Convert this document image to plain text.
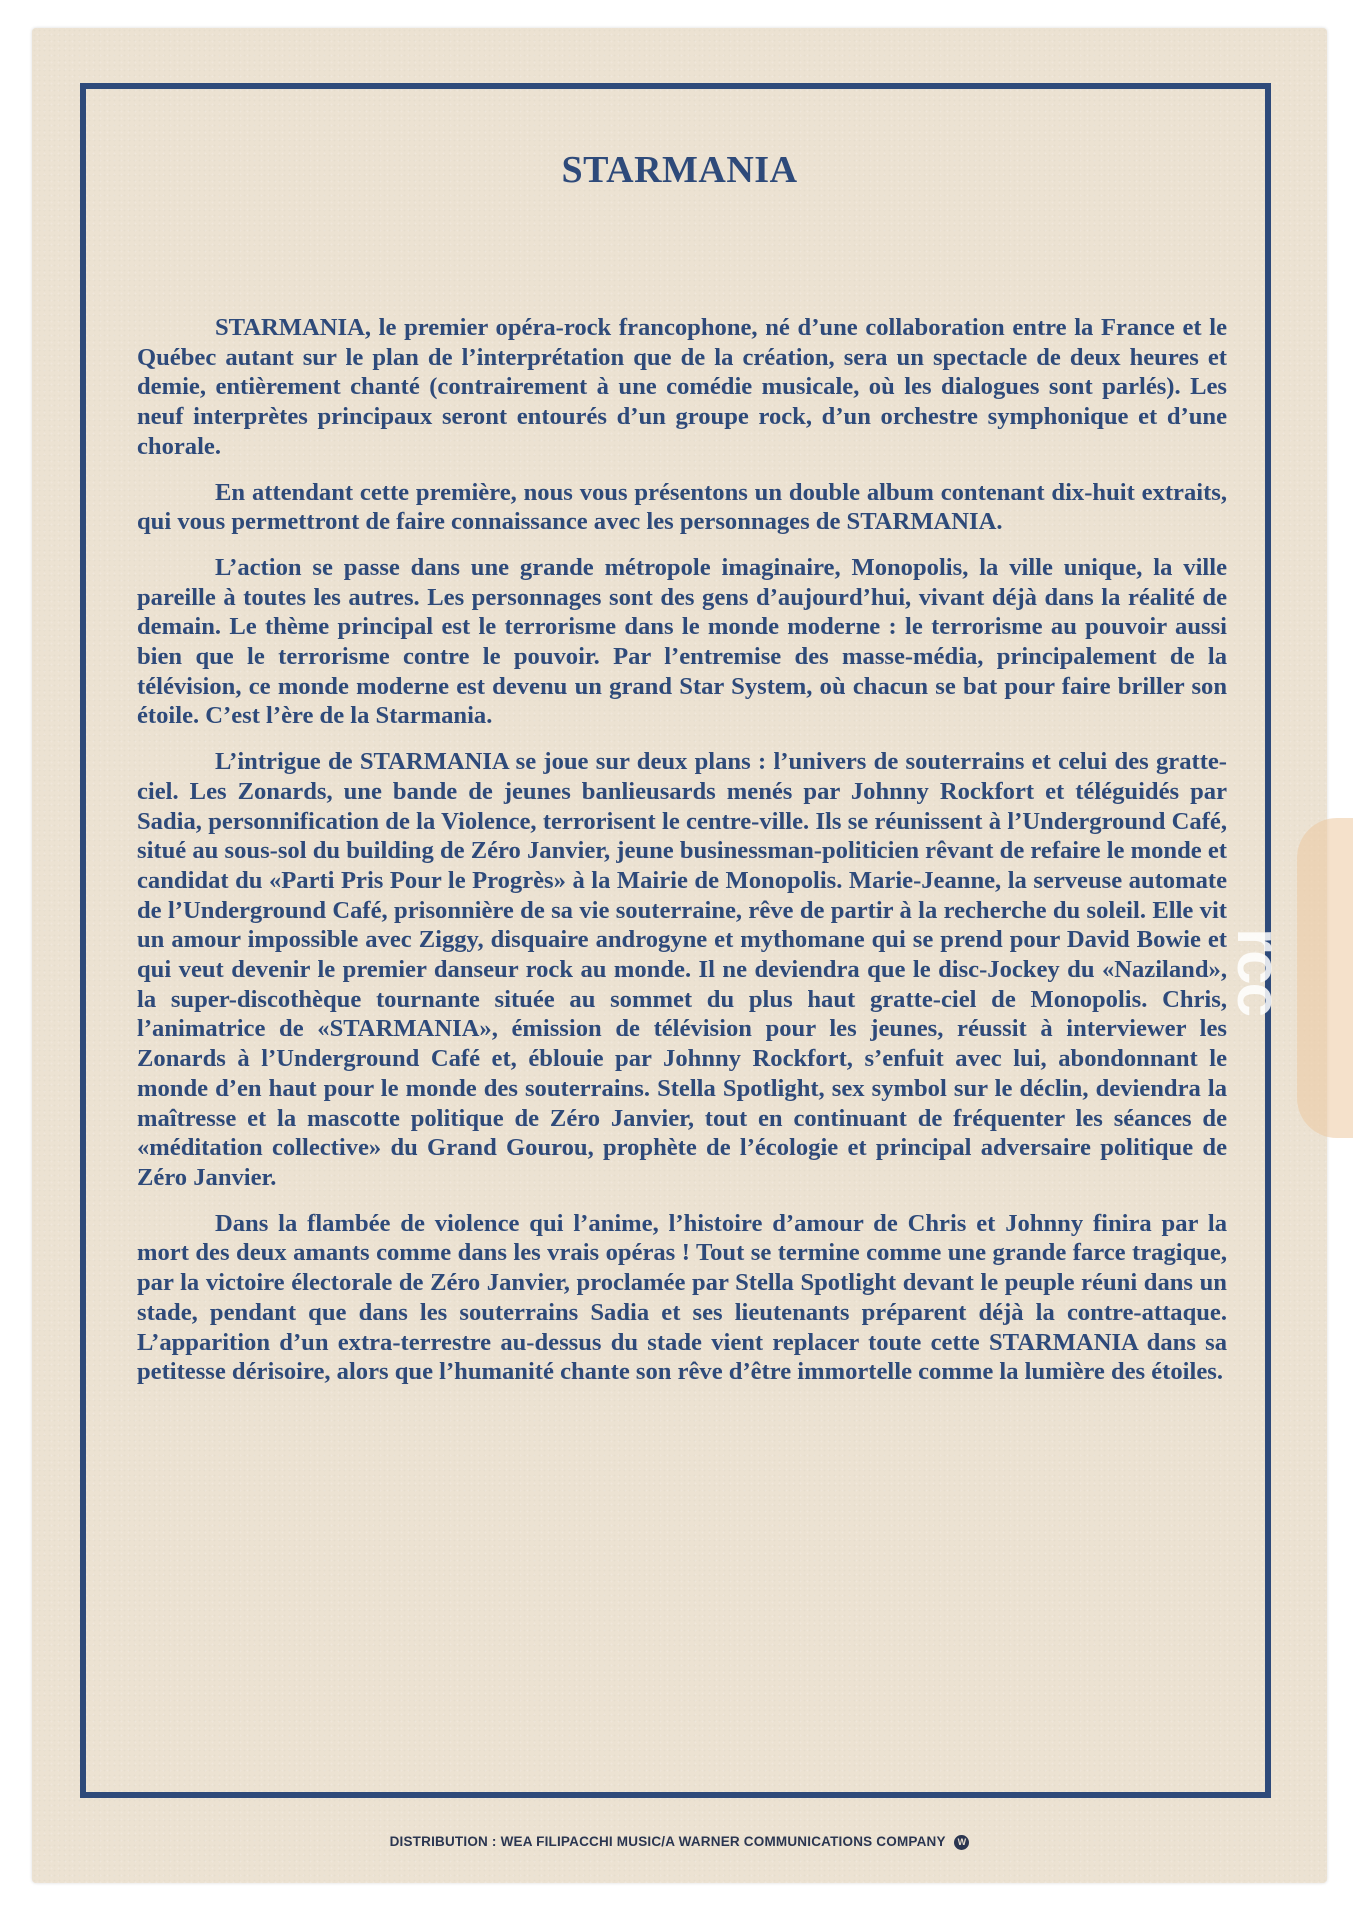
rcc
STARMANIA

STARMANIA, le premier opéra-rock francophone, né d’une collaboration entre la France et le Québec autant sur le plan de l’interprétation que de la création, sera un spectacle de deux heures et demie, entièrement chanté (contrairement à une comédie musicale, où les dialogues sont parlés). Les neuf interprètes principaux seront entourés d’un groupe rock, d’un orchestre symphonique et d’une chorale.

En attendant cette première, nous vous présentons un double album contenant dix-huit extraits, qui vous permettront de faire connaissance avec les personnages de STARMANIA.

L’action se passe dans une grande métropole imaginaire, Monopolis, la ville unique, la ville pareille à toutes les autres. Les personnages sont des gens d’aujourd’hui, vivant déjà dans la réalité de demain. Le thème principal est le terrorisme dans le monde moderne : le terrorisme au pouvoir aussi bien que le terrorisme contre le pouvoir. Par l’entremise des masse-média, principalement de la télévision, ce monde moderne est devenu un grand Star System, où chacun se bat pour faire briller son étoile. C’est l’ère de la Starmania.

L’intrigue de STARMANIA se joue sur deux plans : l’univers de souterrains et celui des gratte-ciel. Les Zonards, une bande de jeunes banlieusards menés par Johnny Rockfort et téléguidés par Sadia, personnification de la Violence, terrorisent le centre-ville. Ils se réunissent à l’Underground Café, situé au sous-sol du building de Zéro Janvier, jeune businessman-politicien rêvant de refaire le monde et candidat du «Parti Pris Pour le Progrès» à la Mairie de Monopolis. Marie-Jeanne, la serveuse automate de l’Underground Café, prisonnière de sa vie souterraine, rêve de partir à la recherche du soleil. Elle vit un amour impossible avec Ziggy, disquaire androgyne et mythomane qui se prend pour David Bowie et qui veut devenir le premier danseur rock au monde. Il ne deviendra que le disc-Jockey du «Naziland», la super-discothèque tournante située au sommet du plus haut gratte-ciel de Monopolis. Chris, l’animatrice de «STARMANIA», émission de télévision pour les jeunes, réussit à interviewer les Zonards à l’Underground Café et, éblouie par Johnny Rockfort, s’enfuit avec lui, abondonnant le monde d’en haut pour le monde des souterrains. Stella Spotlight, sex symbol sur le déclin, deviendra la maîtresse et la mascotte politique de Zéro Janvier, tout en continuant de fréquenter les séances de «méditation collective» du Grand Gourou, prophète de l’écologie et principal adversaire politique de Zéro Janvier.

Dans la flambée de violence qui l’anime, l’histoire d’amour de Chris et Johnny finira par la mort des deux amants comme dans les vrais opéras ! Tout se termine comme une grande farce tragique, par la victoire électorale de Zéro Janvier, proclamée par Stella Spotlight devant le peuple réuni dans un stade, pendant que dans les souterrains Sadia et ses lieutenants préparent déjà la contre-attaque. L’apparition d’un extra-terrestre au-dessus du stade vient replacer toute cette STARMANIA dans sa petitesse dérisoire, alors que l’humanité chante son rêve d’être immortelle comme la lumière des étoiles.

DISTRIBUTION : WEA FILIPACCHI MUSIC/A WARNER COMMUNICATIONS COMPANY W
